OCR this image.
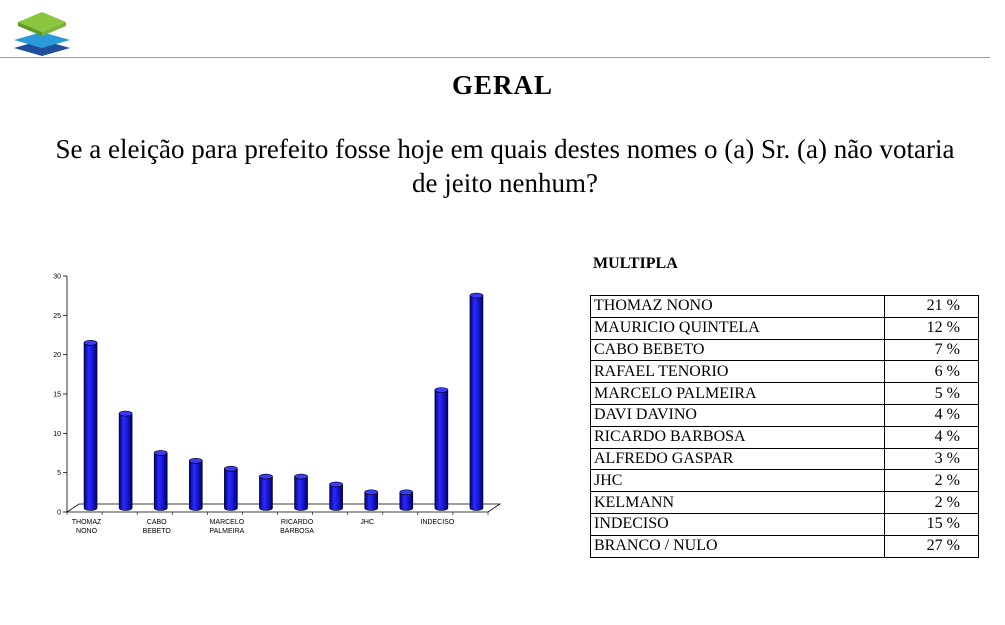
GERAL
Se a eleição para prefeito fosse hoje em quais destes nomes o (a) Sr. (a) não votaria de jeito nenhum?
0
5
10
15
20
25
30
THOMAZ
NONO
CABO
BEBETO
MARCELO
PALMEIRA
RICARDO
BARBOSA
JHC	INDECISO
MULTIPLA
THOMAZ NONO	21 %
MAURICIO QUINTELA	12 %
CABO BEBETO	7 %
RAFAEL TENORIO	6 %
MARCELO PALMEIRA	5 %
DAVI DAVINO	4 %
RICARDO BARBOSA	4 %
ALFREDO GASPAR	3 %
JHC	2 %
KELMANN	2 %
INDECISO	15 %
BRANCO / NULO	27 %
